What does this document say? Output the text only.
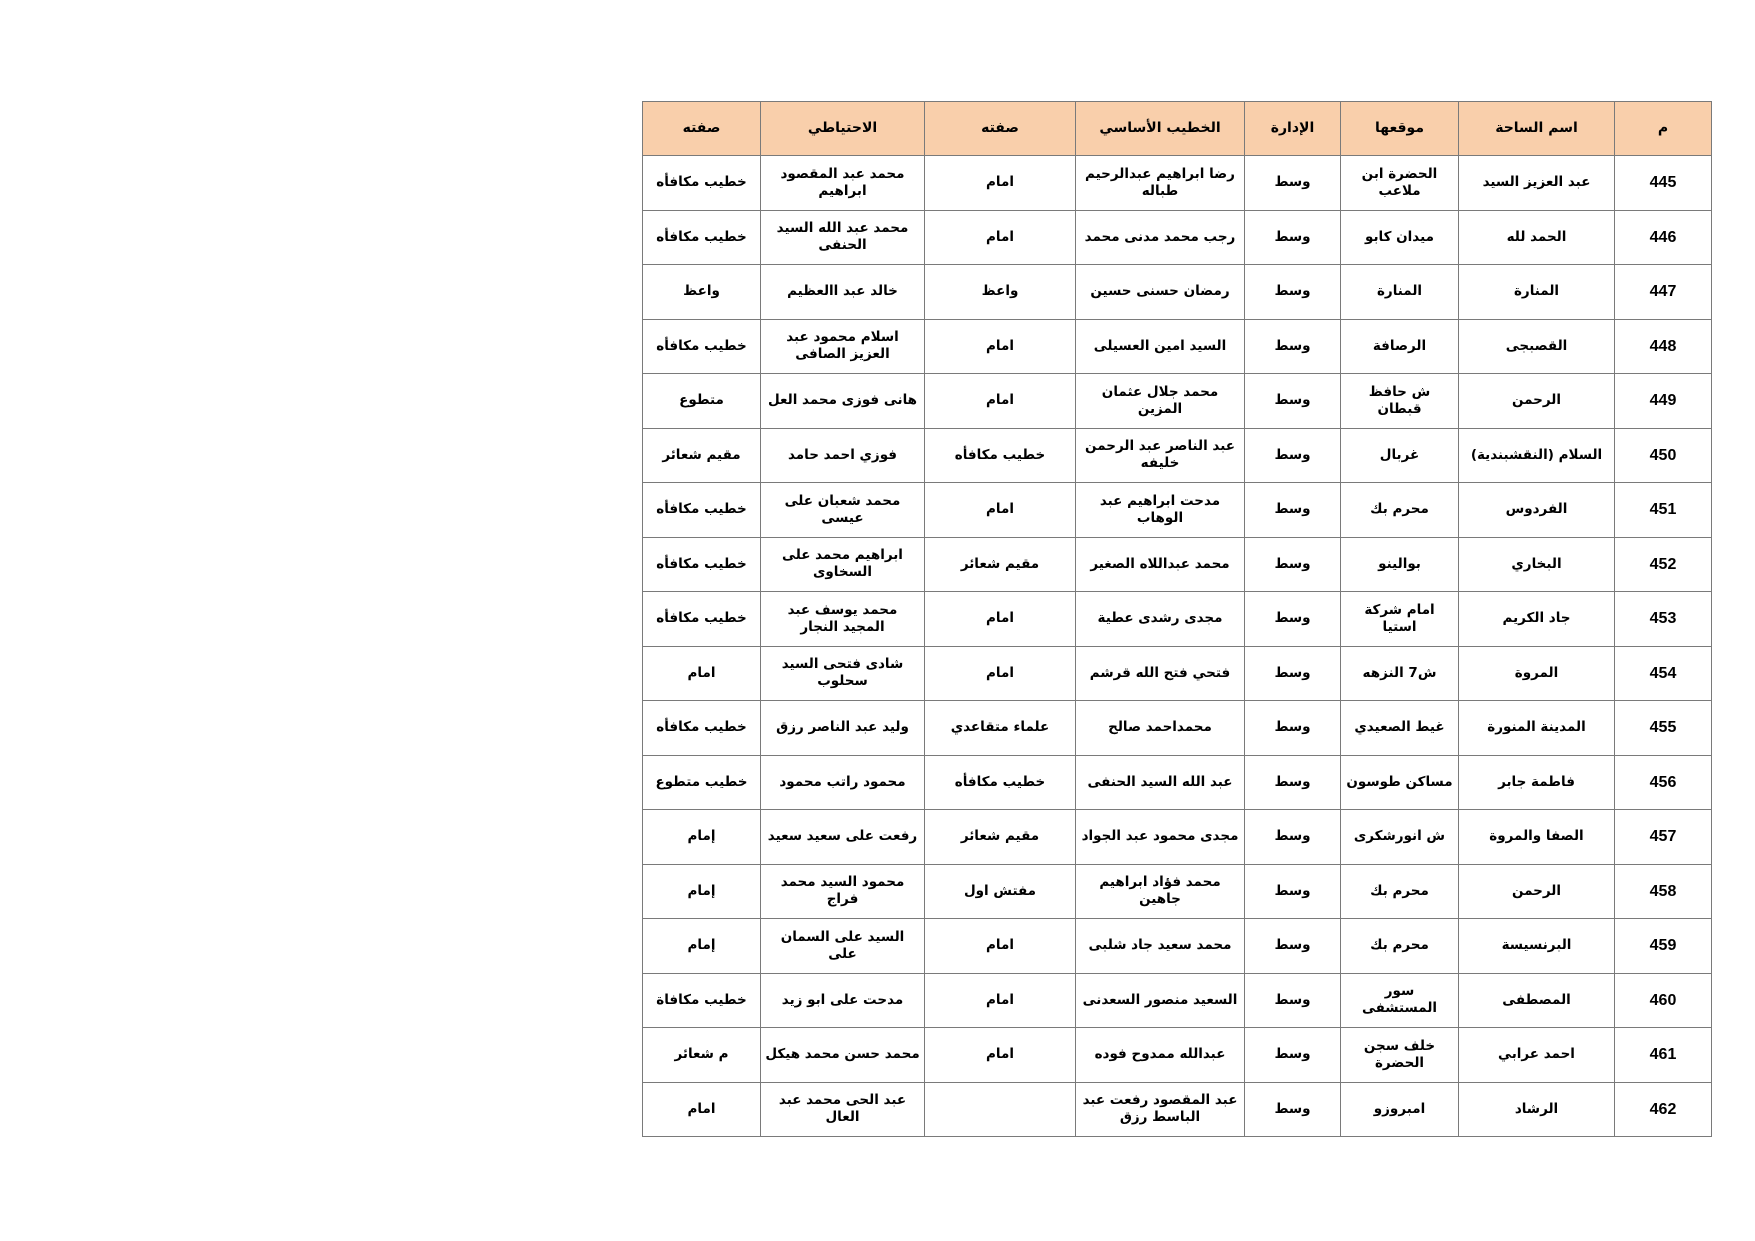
م	اسم الساحة	موقعها	الإدارة	الخطيب الأساسي	صفته	الاحتياطي	صفته
445	عبد العزيز السيد	الحضرة ابن ملاعب	وسط	رضا ابراهيم عبدالرحيم طباله	امام	محمد عبد المقصود ابراهيم	خطيب مكافأه
446	الحمد لله	ميدان كابو	وسط	رجب محمد مدنى محمد	امام	محمد عبد الله السيد الحنفى	خطيب مكافأه
447	المنارة	المنارة	وسط	رمضان حسنى حسين	واعظ	خالد عبد االعظيم	واعظ
448	القصبجى	الرصافة	وسط	السيد امين العسيلى	امام	اسلام محمود عبد العزيز الصافى	خطيب مكافأه
449	الرحمن	ش حافظ قبطان	وسط	محمد جلال عثمان المزين	امام	هانى فوزى محمد العل	متطوع
450	السلام (النقشبندية)	غربال	وسط	عبد الناصر عبد الرحمن خليفه	خطيب مكافأه	فوزي احمد حامد	مقيم شعائر
451	الفردوس	محرم بك	وسط	مدحت ابراهيم عبد الوهاب	امام	محمد شعبان على عيسى	خطيب مكافأه
452	البخاري	بوالينو	وسط	محمد عبداللاه الصغير	مقيم شعائر	ابراهيم محمد على السخاوى	خطيب مكافأه
453	جاد الكريم	امام شركة استيا	وسط	مجدى رشدى عطية	امام	محمد يوسف عبد المجيد النجار	خطيب مكافأه
454	المروة	ش7 النزهه	وسط	فتحي فتح الله قرشم	امام	شادى فتحى السيد سحلوب	امام
455	المدينة المنورة	غيط الصعيدي	وسط	محمداحمد صالح	علماء متقاعدي	وليد عبد الناصر رزق	خطيب مكافأه
456	فاطمة جابر	مساكن طوسون	وسط	عبد الله السيد الحنفى	خطيب مكافأه	محمود راتب محمود	خطيب متطوع
457	الصفا والمروة	ش انورشكرى	وسط	مجدى محمود عبد الجواد	مقيم شعائر	رفعت على سعيد سعيد	إمام
458	الرحمن	محرم بك	وسط	محمد فؤاد ابراهيم جاهين	مفتش اول	محمود السيد محمد فراج	إمام
459	البرنسيسة	محرم بك	وسط	محمد سعيد جاد شلبى	امام	السيد على السمان على	إمام
460	المصطفى	سور المستشفى	وسط	السعيد منصور السعدنى	امام	مدحت على ابو زيد	خطيب مكافاة
461	احمد عرابي	خلف سجن الحضرة	وسط	عبدالله ممدوح فوده	امام	محمد حسن محمد هيكل	م شعائر
462	الرشاد	امبروزو	وسط	عبد المقصود رفعت عبد الباسط رزق		عبد الحى محمد عبد العال	امام
